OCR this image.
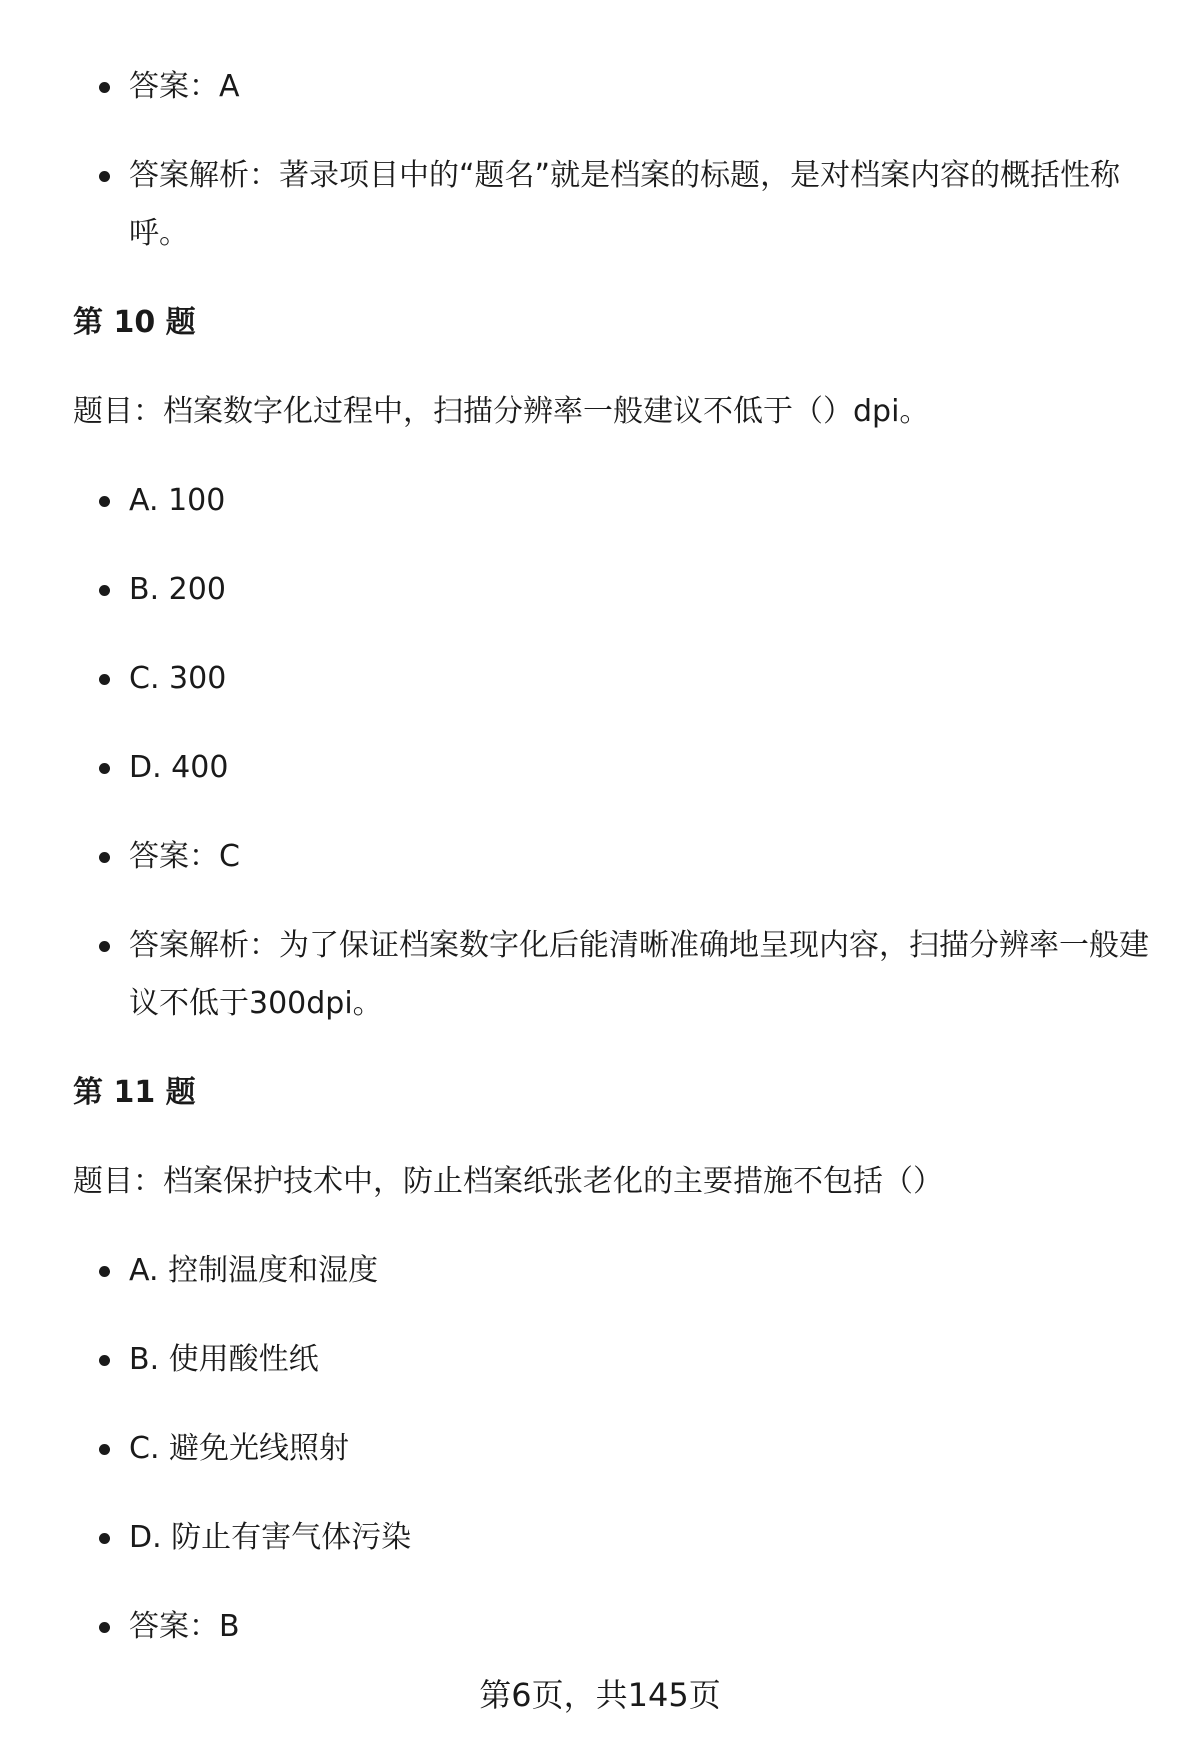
答案：A
答案解析：著录项目中的“题名”就是档案的标题，是对档案内容的概括性称呼。
第 10 题
题目：档案数字化过程中，扫描分辨率一般建议不低于（）dpi。
A. 100
B. 200
C. 300
D. 400
答案：C
答案解析：为了保证档案数字化后能清晰准确地呈现内容，扫描分辨率一般建议不低于300dpi。
第 11 题
题目：档案保护技术中，防止档案纸张老化的主要措施不包括（）
A. 控制温度和湿度
B. 使用酸性纸
C. 避免光线照射
D. 防止有害气体污染
答案：B
第6页，共145页
